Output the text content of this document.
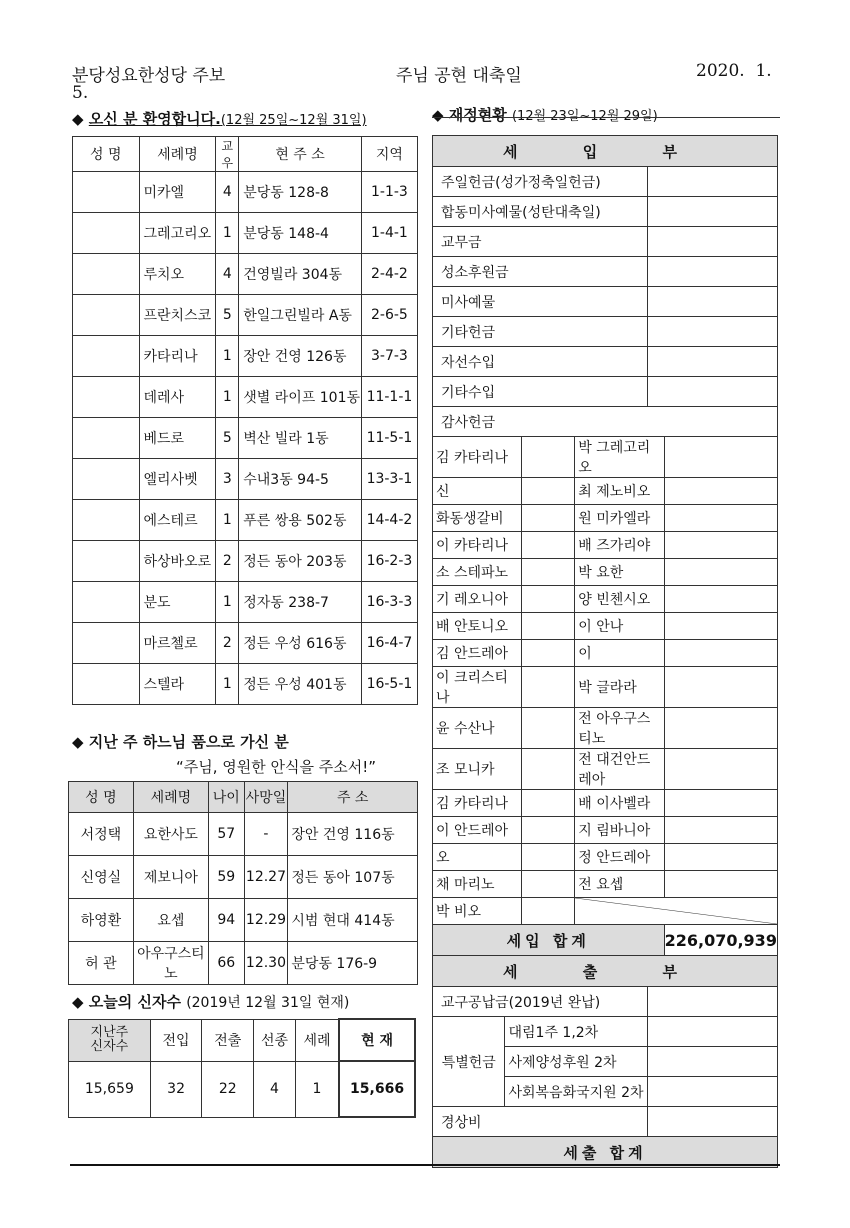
분당성요한성당 주보	주님 공현 대축일	2020.  1.
5.
◆ 오신 분 환영합니다.(12월 25일~12월 31일)
성 명	세례명	교우	현 주 소	지역
	미카엘	4	분당동 128-8	1-1-3
	그레고리오	1	분당동 148-4	1-4-1
	루치오	4	건영빌라 304동	2-4-2
	프란치스코	5	한일그린빌라 A동	2-6-5
	카타리나	1	장안 건영 126동	3-7-3
	데레사	1	샛별 라이프 101동	11-1-1
	베드로	5	벽산 빌라 1동	11-5-1
	엘리사벳	3	수내3동 94-5	13-3-1
	에스테르	1	푸른 쌍용 502동	14-4-2
	하상바오로	2	정든 동아 203동	16-2-3
	분도	1	정자동 238-7	16-3-3
	마르첼로	2	정든 우성 616동	16-4-7
	스텔라	1	정든 우성 401동	16-5-1
◆ 지난 주 하느님 품으로 가신 분
“주님, 영원한 안식을 주소서!”
성 명	세례명	나이	사망일	주 소
서정택	요한사도	57	-	장안 건영 116동
신영실	제보니아	59	12.27	정든 동아 107동
하영환	요셉	94	12.29	시범 현대 414동
허 관	아우구스티노	66	12.30	분당동 176-9
◆ 오늘의 신자수 (2019년 12월 31일 현재)
지난주
신자수	전입	전출	선종	세례	현 재
15,659	32	22	4	1	15,666
◆ 재정현황 (12월 23일~12월 29일)
세 입 부					
주일헌금(성가정축일헌금)					
합동미사예물(성탄대축일)					
교무금					
성소후원금					
미사예물					
기타헌금					
자선수입					
기타수입					
감사헌금					
김 카타리나			박 그레고리오		
신			최 제노비오		
화동생갈비			원 미카엘라		
이 카타리나			배 즈가리야		
소 스테파노			박 요한		
기 레오니아			양 빈첸시오		
배 안토니오			이 안나		
김 안드레아			이		
이 크리스티나			박 글라라		
윤 수산나			전 아우구스티노		
조 모니카			전 대건안드레아		
김 카타리나			배 이사벨라		
이 안드레아			지 림바니아		
오			정 안드레아		
채 마리노			전 요셉		
박 비오					
세입 합계					226,070,939
세 출 부					
교구공납금(2019년 완납)					
특별헌금	대림1주 1,2차				
	사제양성후원 2차				
	사회복음화국지원 2차				
경상비					
세출 합계					
